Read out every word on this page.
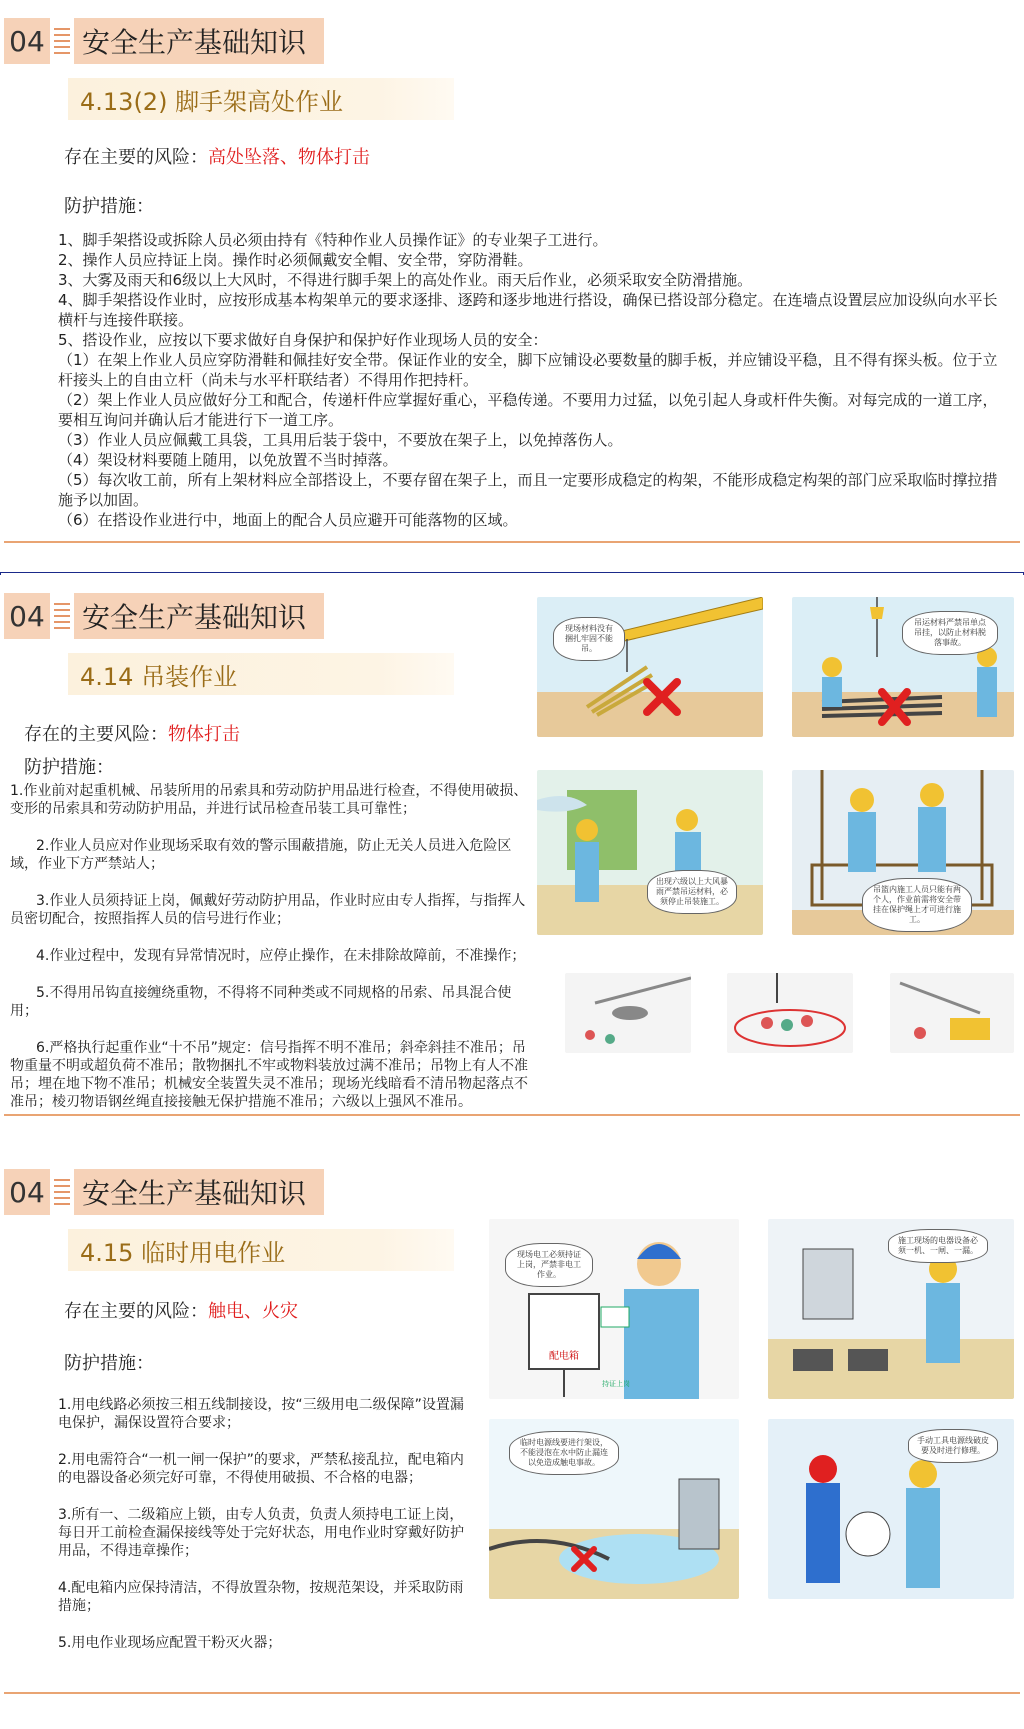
04 安全生产基础知识
4.13(2) 脚手架高处作业
存在主要的风险：高处坠落、物体打击
防护措施：

1、脚手架搭设或拆除人员必须由持有《特种作业人员操作证》的专业架子工进行。

2、操作人员应持证上岗。操作时必须佩戴安全帽、安全带，穿防滑鞋。

3、大雾及雨天和6级以上大风时，不得进行脚手架上的高处作业。雨天后作业，必须采取安全防滑措施。

4、脚手架搭设作业时，应按形成基本构架单元的要求逐排、逐跨和逐步地进行搭设，确保已搭设部分稳定。在连墙点设置层应加设纵向水平长横杆与连接件联接。

5、搭设作业，应按以下要求做好自身保护和保护好作业现场人员的安全：

（1）在架上作业人员应穿防滑鞋和佩挂好安全带。保证作业的安全，脚下应铺设必要数量的脚手板，并应铺设平稳，且不得有探头板。位于立杆接头上的自由立杆（尚未与水平杆联结者）不得用作把持杆。

（2）架上作业人员应做好分工和配合，传递杆件应掌握好重心，平稳传递。不要用力过猛，以免引起人身或杆件失衡。对每完成的一道工序，要相互询问并确认后才能进行下一道工序。

（3）作业人员应佩戴工具袋，工具用后装于袋中，不要放在架子上，以免掉落伤人。

（4）架设材料要随上随用，以免放置不当时掉落。

（5）每次收工前，所有上架材料应全部搭设上，不要存留在架子上，而且一定要形成稳定的构架，不能形成稳定构架的部门应采取临时撑拉措施予以加固。

（6）在搭设作业进行中，地面上的配合人员应避开可能落物的区域。

04 安全生产基础知识
4.14 吊装作业
存在的主要风险：物体打击
防护措施：

1.作业前对起重机械、吊装所用的吊索具和劳动防护用品进行检查，不得使用破损、变形的吊索具和劳动防护用品，并进行试吊检查吊装工具可靠性；

2.作业人员应对作业现场采取有效的警示围蔽措施，防止无关人员进入危险区域，作业下方严禁站人；

3.作业人员须持证上岗，佩戴好劳动防护用品，作业时应由专人指挥，与指挥人员密切配合，按照指挥人员的信号进行作业；

4.作业过程中，发现有异常情况时，应停止操作，在未排除故障前，不准操作；

5.不得用吊钩直接缠绕重物，不得将不同种类或不同规格的吊索、吊具混合使用；

6.严格执行起重作业“十不吊”规定：信号指挥不明不准吊；斜牵斜挂不准吊；吊物重量不明或超负荷不准吊；散物捆扎不牢或物料装放过满不准吊；吊物上有人不准吊；埋在地下物不准吊；机械安全装置失灵不准吊；现场光线暗看不清吊物起落点不准吊；棱刃物语钢丝绳直接接触无保护措施不准吊；六级以上强风不准吊。

现场材料没有捆扎牢固不能吊。
吊运材料严禁吊单点吊挂，以防止材料脱落事故。
出现六级以上大风暴雨严禁吊运材料，必须停止吊装施工。
吊篮内施工人员只能有两个人，作业前需将安全带挂在保护绳上才可进行施工。
04 安全生产基础知识
4.15 临时用电作业
存在主要的风险：触电、火灾
防护措施：

1.用电线路必须按三相五线制接设，按“三级用电二级保障”设置漏电保护，漏保设置符合要求；

2.用电需符合“一机一闸一保护”的要求，严禁私接乱拉，配电箱内的电器设备必须完好可靠，不得使用破损、不合格的电器；

3.所有一、二级箱应上锁，由专人负责，负责人须持电工证上岗，每日开工前检查漏保接线等处于完好状态，用电作业时穿戴好防护用品，不得违章操作；

4.配电箱内应保持清洁，不得放置杂物，按规范架设，并采取防雨措施；

5.用电作业现场应配置干粉灭火器；

配电箱
持证上岗
现场电工必须持证上岗，严禁非电工作业。
施工现场的电器设备必须一机、一闸、一漏。
临时电源线要进行架设，不能浸泡在水中防止漏连以免造成触电事故。
手动工具电源线破皮要及时进行修理。
